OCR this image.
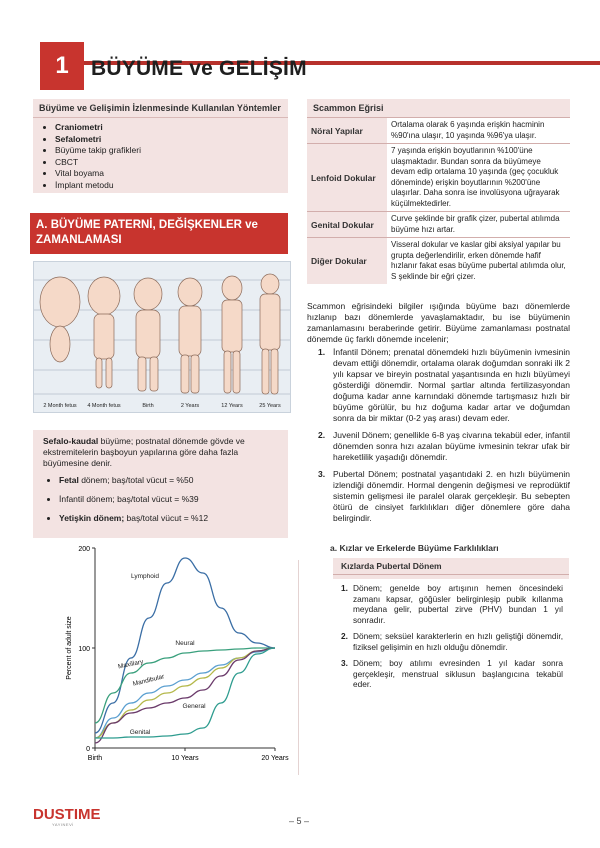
1	BÜYÜME ve GELİŞİM
Büyüme ve Gelişimin İzlenmesinde Kullanılan Yöntemler
• Craniometri
• Sefalometri
• Büyüme takip grafikleri
• CBCT
• Vital boyama
• İmplant metodu
A. BÜYÜME PATERNİ, DEĞİŞKENLER ve ZAMANLAMASI
2 Month fetus	4 Month fetus	Birth	2 Years	12 Years	25 Years
Sefalo-kaudal büyüme; postnatal dönemde gövde ve ekstremitelerin başboyun yapılarına göre daha fazla büyümesine denir.
• Fetal dönem; baş/total vücut = %50
• İnfantil dönem; baş/total vücut = %39
• Yetişkin dönem; baş/total vücut = %12
0
100
200
Birth	10 Years	20 Years
Percent of adult size
Lymphoid
Neural
Maxillary
Mandibular
General
Genital
Scammon Eğrisi
Nöral Yapılar	Ortalama olarak 6 yaşında erişkin hacminin %90'ına ulaşır, 10 yaşında %96'ya ulaşır.
Lenfoid Dokular	7 yaşında erişkin boyutlarının %100'üne ulaşmaktadır. Bundan sonra da büyümeye devam edip ortalama 10 yaşında (geç çocukluk döneminde) erişkin boyutlarının %200'üne ulaşırlar. Daha sonra ise involüsyona uğrayarak küçülmektedirler.
Genital Dokular	Curve şeklinde bir grafik çizer, pubertal atılımda büyüme hızı artar.
Diğer Dokular	Visseral dokular ve kaslar gibi aksiyal yapılar bu grupta değerlendirilir, erken dönemde hafif hızlanır fakat esas büyüme pubertal atılımda olur, S şeklinde bir eğri çizer.
Scammon eğrisindeki bilgiler ışığında büyüme bazı dönemlerde hızlanıp bazı dönemlerde yavaşlamaktadır, bu ise büyümenin zamanlamasını beraberinde getirir. Büyüme zamanlaması postnatal dönemde üç farklı dönemde incelenir;
1. İnfantil Dönem; prenatal dönemdeki hızlı büyümenin ivmesinin devam ettiği dönemdir, ortalama olarak doğumdan sonraki ilk 2 yılı kapsar ve bireyin postnatal yaşantısında en hızlı büyümeyi gösterdiği dönemdir. Normal şartlar altında fertilizasyondan doğuma kadar anne karnındaki dönemde tartışmasız hızlı bir büyüme görülür, bu hız doğuma kadar artar ve doğumdan sonra da bir miktar (0-2 yaş arası) devam eder.
2. Juvenil Dönem; genellikle 6-8 yaş civarına tekabül eder, infantil dönemden sonra hızı azalan büyüme ivmesinin tekrar ufak bir hareketlilik yaşadığı dönemdir.
3. Pubertal Dönem; postnatal yaşantıdaki 2. en hızlı büyümenin izlendiği dönemdir. Hormal dengenin değişmesi ve reprodüktif sistemin gelişmesi ile paralel olarak gerçekleşir. Bu sebepten ötürü de cinsiyet farklılıkları diğer dönemlere göre daha belirgindir.
a. Kızlar ve Erkelerde Büyüme Farklılıkları
Kızlarda Pubertal Dönem
1. Dönem; geneIde boy artışının hemen öncesindeki zamanı kapsar, göğüsler belirginleşip pubik kıllanma meydana gelir, pubertal zirve (PHV) bundan 1 yıl sonradır.
2. Dönem; seksüel karakterlerin en hızlı geliştiği dönemdir, fiziksel gelişimin en hızlı olduğu dönemdir.
3. Dönem; boy atılımı evresinden 1 yıl kadar sonra gerçekleşir, menstrual siklusun başlangıcına tekabül eder.
DUSTIME
YAYINEVİ	– 5 –
